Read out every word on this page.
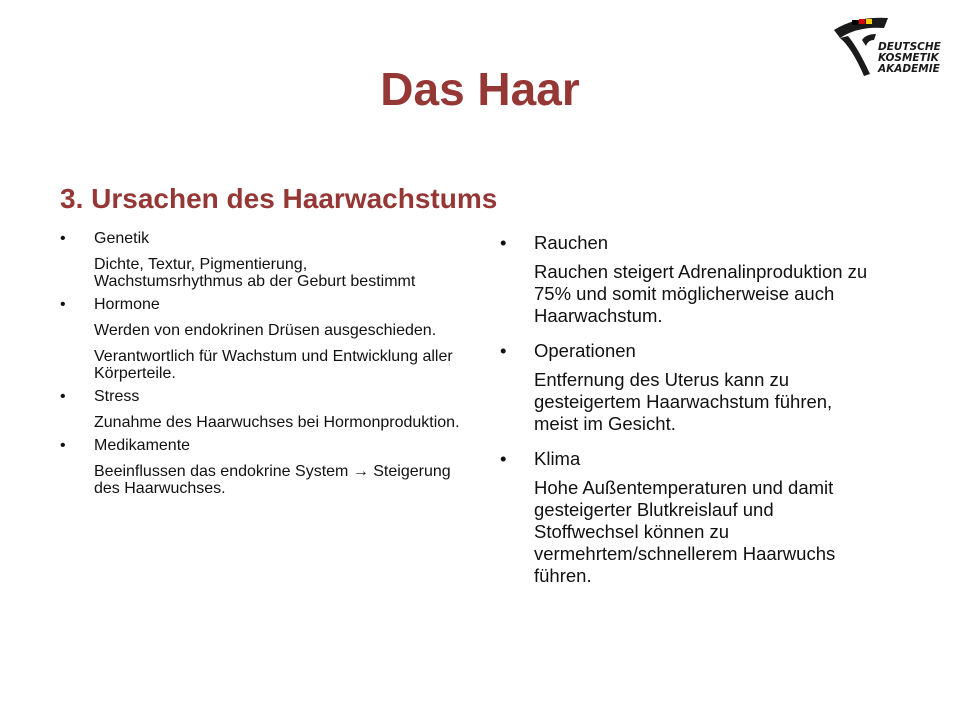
DEUTSCHE
KOSMETIK
AKADEMIE
Das Haar
3. Ursachen des Haarwachstums
• Genetik
Dichte, Textur, Pigmentierung, Wachstumsrhythmus ab der Geburt bestimmt
• Hormone
Werden von endokrinen Drüsen ausgeschieden.
Verantwortlich für Wachstum und Entwicklung aller Körperteile.
• Stress
Zunahme des Haarwuchses bei Hormonproduktion.
• Medikamente
Beeinflussen das endokrine System → Steigerung des Haarwuchses.
• Rauchen
Rauchen steigert Adrenalinproduktion zu 75% und somit möglicherweise auch Haarwachstum.
• Operationen
Entfernung des Uterus kann zu gesteigertem Haarwachstum führen, meist im Gesicht.
• Klima
Hohe Außentemperaturen und damit gesteigerter Blutkreislauf und Stoffwechsel können zu vermehrtem/schnellerem Haarwuchs führen.
